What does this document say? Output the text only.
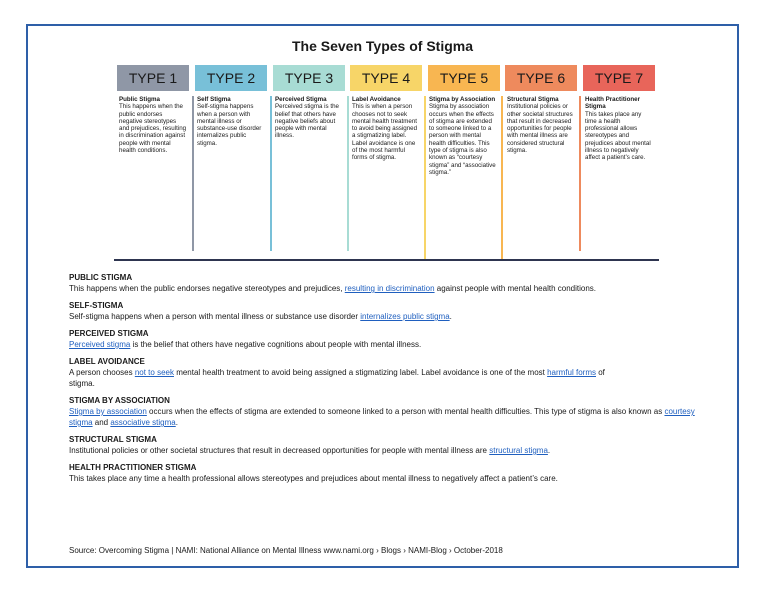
The Seven Types of Stigma
TYPE 1	TYPE 2	TYPE 3	TYPE 4	TYPE 5	TYPE 6	TYPE 7
Public Stigma
This happens when the public endorses negative stereotypes and prejudices, resulting in discrimination against people with mental health conditions.
Self Stigma
Self-stigma happens when a person with mental illness or substance-use disorder internalizes public stigma.
Perceived Stigma
Perceived stigma is the belief that others have negative beliefs about people with mental illness.
Label Avoidance
This is when a person chooses not to seek mental health treatment to avoid being assigned a stigmatizing label. Label avoidance is one of the most harmful forms of stigma.
Stigma by Association
Stigma by association occurs when the effects of stigma are extended to someone linked to a person with mental health difficulties. This type of stigma is also known as “courtesy stigma” and “associative stigma.”
Structural Stigma
Institutional policies or other societal structures that result in decreased opportunities for people with mental illness are considered structural stigma.
Health Practitioner Stigma
This takes place any time a health professional allows stereotypes and prejudices about mental illness to negatively affect a patient’s care.
PUBLIC STIGMA
This happens when the public endorses negative stereotypes and prejudices, resulting in discrimination against people with mental health conditions.
SELF-STIGMA
Self-stigma happens when a person with mental illness or substance use disorder internalizes public stigma.
PERCEIVED STIGMA
Perceived stigma is the belief that others have negative cognitions about people with mental illness.
LABEL AVOIDANCE
A person chooses not to seek mental health treatment to avoid being assigned a stigmatizing label. Label avoidance is one of the most harmful forms of stigma.
STIGMA BY ASSOCIATION
Stigma by association occurs when the effects of stigma are extended to someone linked to a person with mental health difficulties. This type of stigma is also known as courtesy stigma and associative stigma.
STRUCTURAL STIGMA
Institutional policies or other societal structures that result in decreased opportunities for people with mental illness are structural stigma.
HEALTH PRACTITIONER STIGMA
This takes place any time a health professional allows stereotypes and prejudices about mental illness to negatively affect a patient’s care.
Source: Overcoming Stigma | NAMI: National Alliance on Mental Illness www.nami.org › Blogs › NAMI-Blog › October-2018
